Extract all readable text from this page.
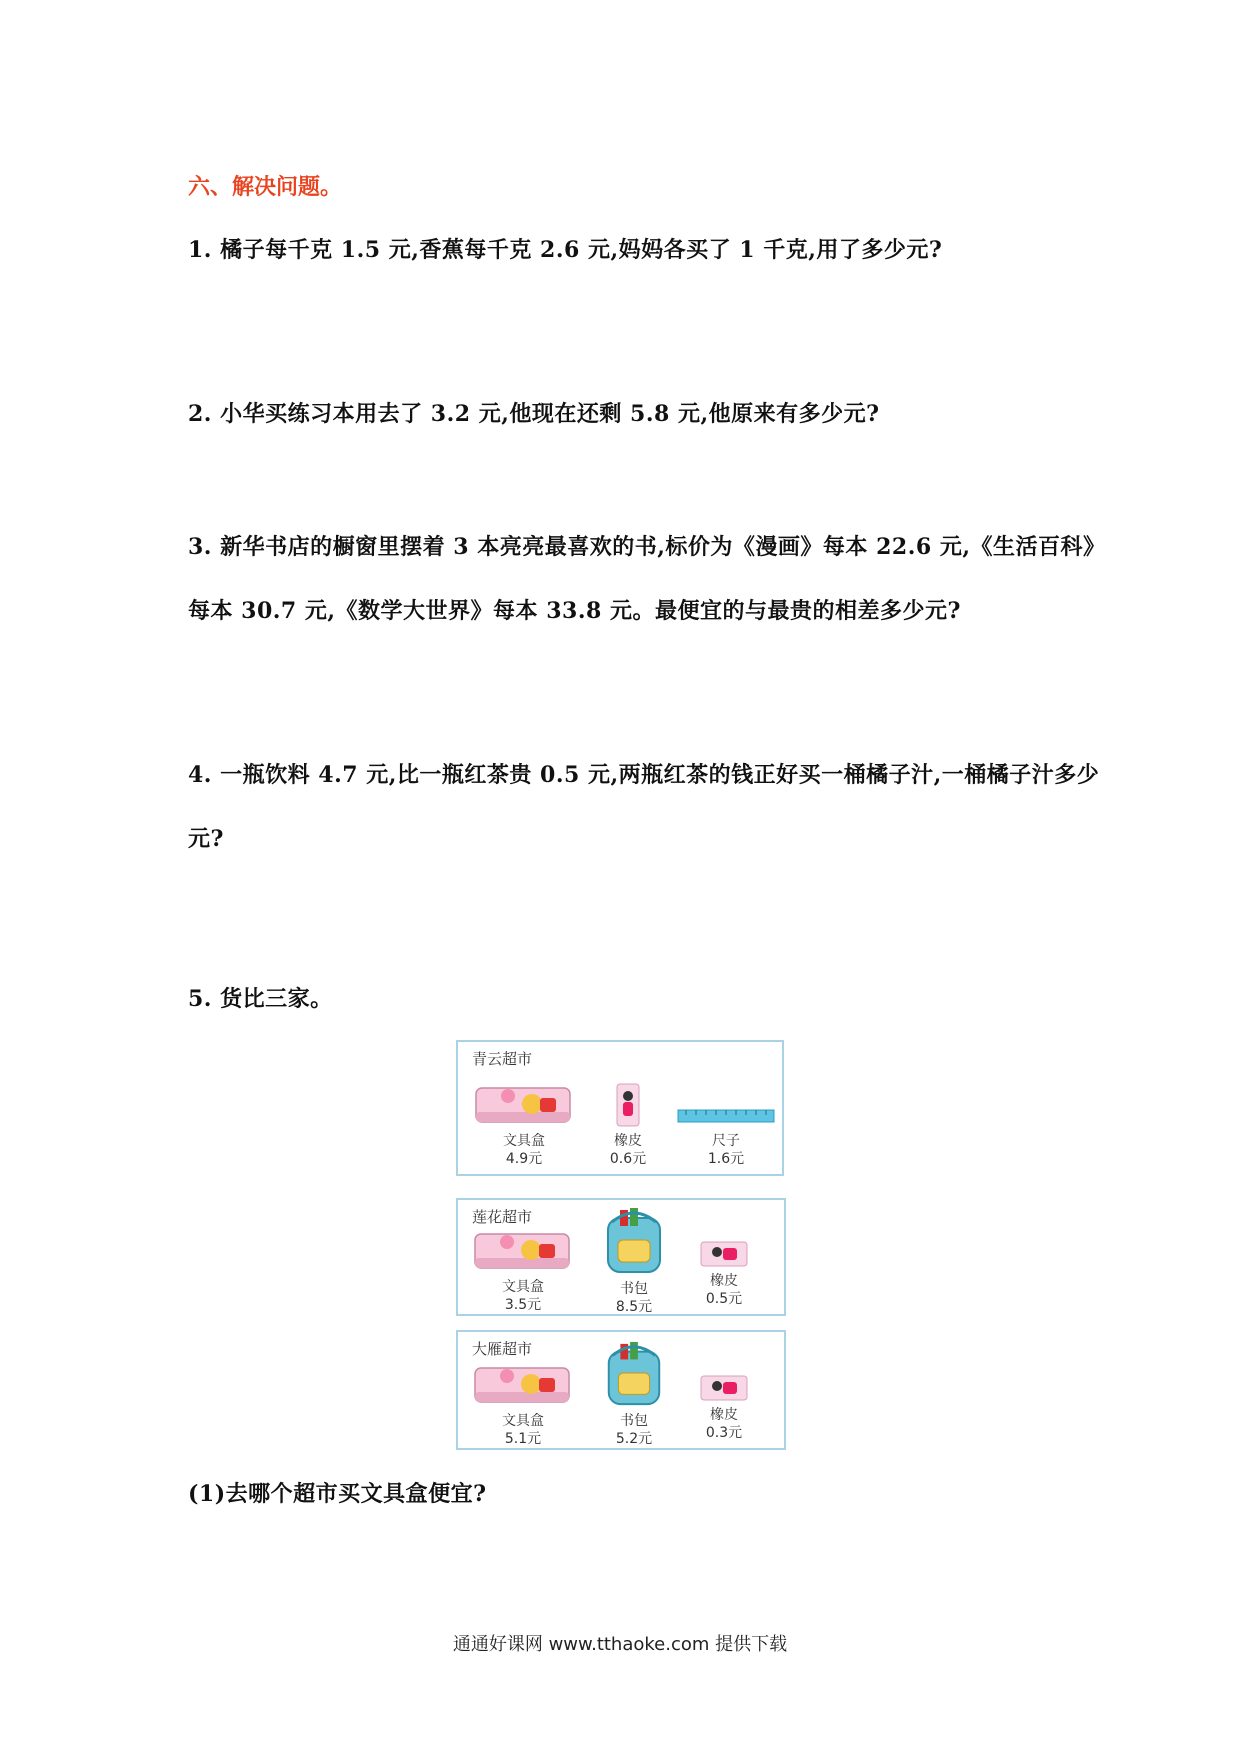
六、解决问题。
1. 橘子每千克 1.5 元,香蕉每千克 2.6 元,妈妈各买了 1 千克,用了多少元?
2. 小华买练习本用去了 3.2 元,他现在还剩 5.8 元,他原来有多少元?
3. 新华书店的橱窗里摆着 3 本亮亮最喜欢的书,标价为《漫画》每本 22.6 元,《生活百科》
每本 30.7 元,《数学大世界》每本 33.8 元。最便宜的与最贵的相差多少元?
4. 一瓶饮料 4.7 元,比一瓶红茶贵 0.5 元,两瓶红茶的钱正好买一桶橘子汁,一桶橘子汁多少
元?
5. 货比三家。
青云超市
文具盒
4.9元
橡皮
0.6元
尺子
1.6元
莲花超市
文具盒
3.5元
书包
8.5元
橡皮
0.5元
大雁超市
文具盒
5.1元
书包
5.2元
橡皮
0.3元
(1)去哪个超市买文具盒便宜?
通通好课网 www.tthaoke.com 提供下载
